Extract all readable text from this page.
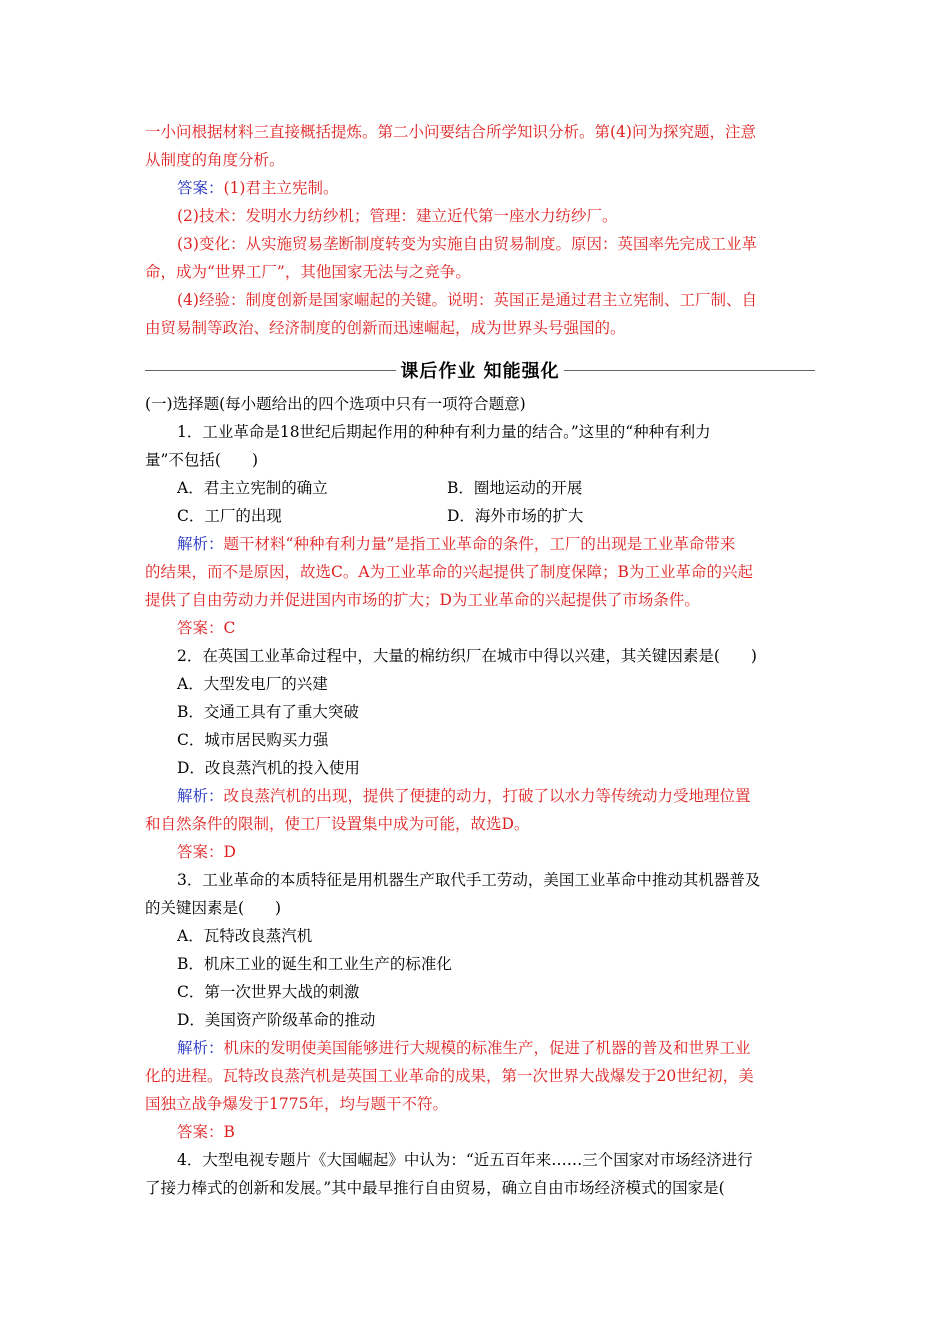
一小问根据材料三直接概括提炼。第二小问要结合所学知识分析。第(4)问为探究题，注意

从制度的角度分析。

答案：(1)君主立宪制。

(2)技术：发明水力纺纱机；管理：建立近代第一座水力纺纱厂。

(3)变化：从实施贸易垄断制度转变为实施自由贸易制度。原因：英国率先完成工业革

命，成为“世界工厂”，其他国家无法与之竞争。

(4)经验：制度创新是国家崛起的关键。说明：英国正是通过君主立宪制、工厂制、自

由贸易制等政治、经济制度的创新而迅速崛起，成为世界头号强国的。

课后作业 知能强化

(一)选择题(每小题给出的四个选项中只有一项符合题意)

1．工业革命是18世纪后期起作用的种种有利力量的结合。”这里的“种种有利力

量”不包括(　　)

A．君主立宪制的确立	B．圈地运动的开展

C．工厂的出现	D．海外市场的扩大

解析：题干材料“种种有利力量”是指工业革命的条件，工厂的出现是工业革命带来

的结果，而不是原因，故选C。A为工业革命的兴起提供了制度保障；B为工业革命的兴起

提供了自由劳动力并促进国内市场的扩大；D为工业革命的兴起提供了市场条件。

答案：C

2．在英国工业革命过程中，大量的棉纺织厂在城市中得以兴建，其关键因素是(　　)

A．大型发电厂的兴建

B．交通工具有了重大突破

C．城市居民购买力强

D．改良蒸汽机的投入使用

解析：改良蒸汽机的出现，提供了便捷的动力，打破了以水力等传统动力受地理位置

和自然条件的限制，使工厂设置集中成为可能，故选D。

答案：D

3．工业革命的本质特征是用机器生产取代手工劳动，美国工业革命中推动其机器普及

的关键因素是(　　)

A．瓦特改良蒸汽机

B．机床工业的诞生和工业生产的标准化

C．第一次世界大战的刺激

D．美国资产阶级革命的推动

解析：机床的发明使美国能够进行大规模的标准生产，促进了机器的普及和世界工业

化的进程。瓦特改良蒸汽机是英国工业革命的成果，第一次世界大战爆发于20世纪初，美

国独立战争爆发于1775年，均与题干不符。

答案：B

4．大型电视专题片《大国崛起》中认为：“近五百年来……三个国家对市场经济进行

了接力棒式的创新和发展。”其中最早推行自由贸易，确立自由市场经济模式的国家是(
